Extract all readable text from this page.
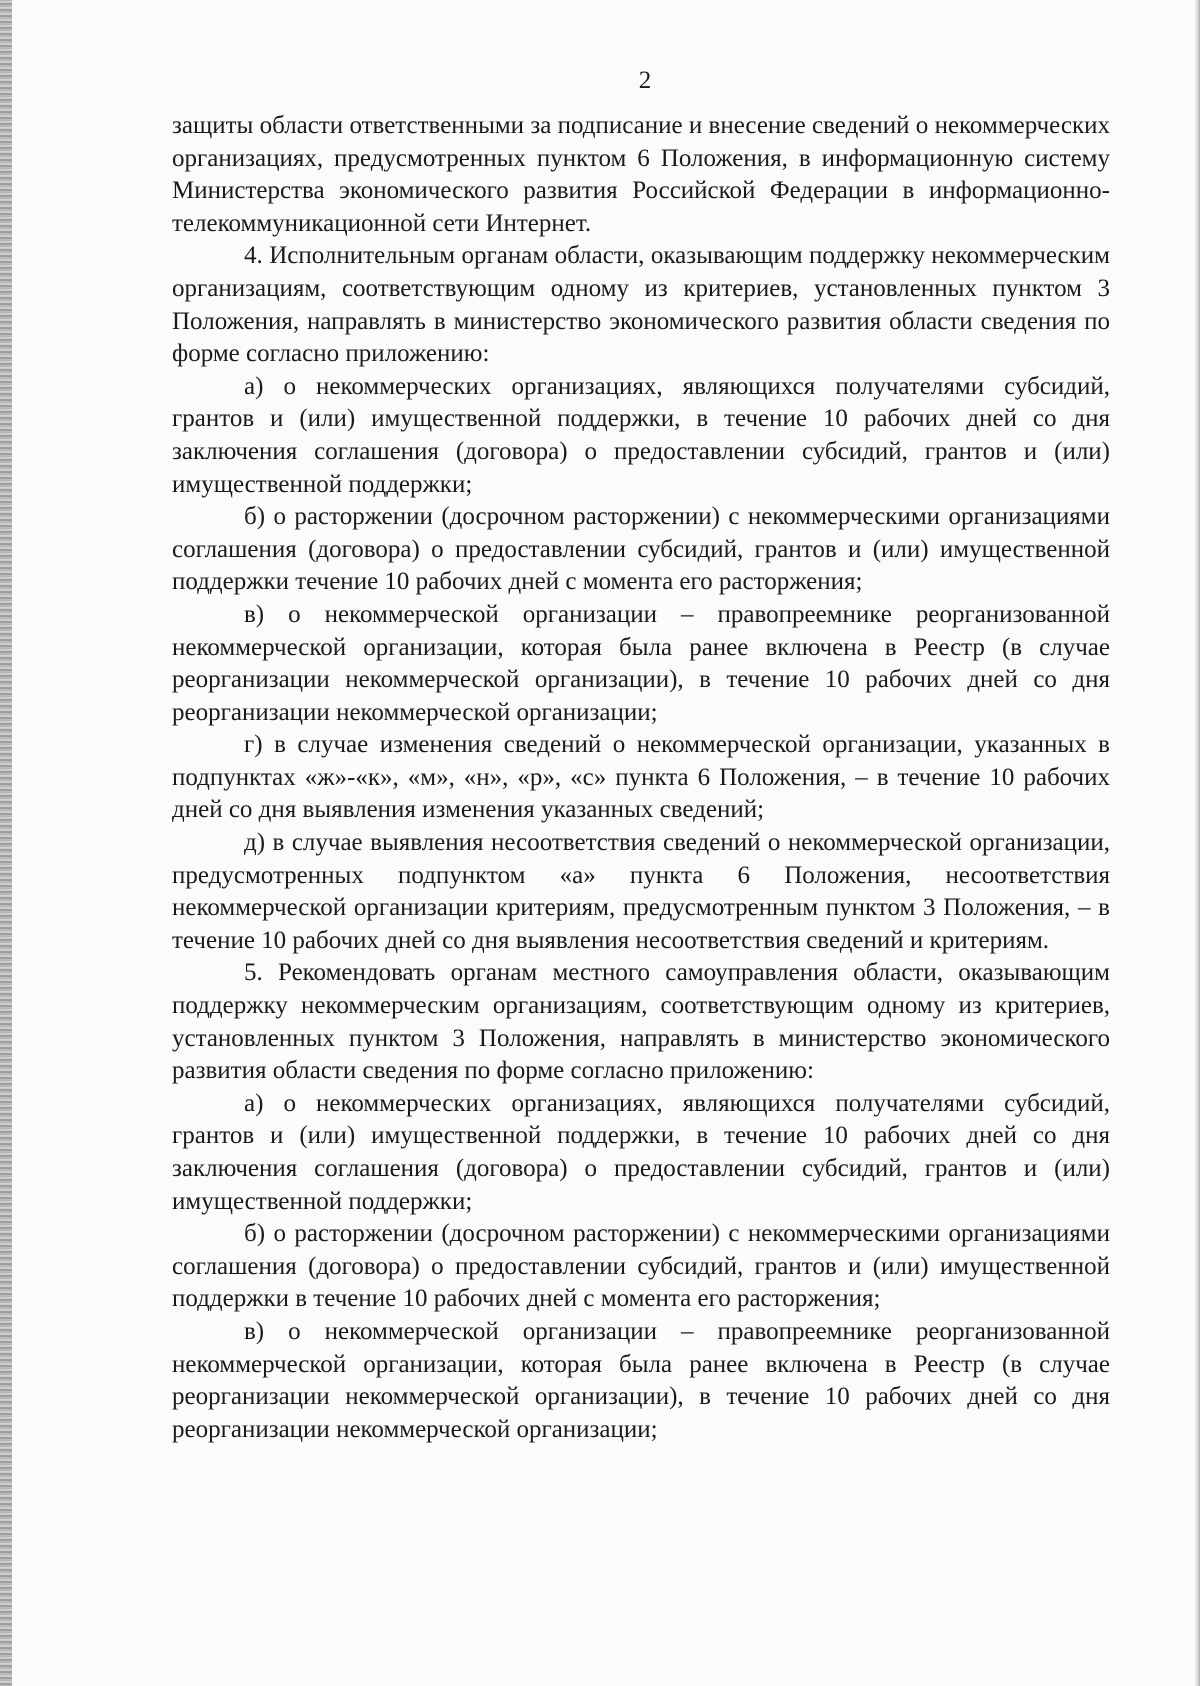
2

защиты области ответственными за подписание и внесение сведений о некоммерческих организациях, предусмотренных пунктом 6 Положения, в информационную систему Министерства экономического развития Российской Федерации в информационно-телекоммуникационной сети Интернет.

4. Исполнительным органам области, оказывающим поддержку некоммерческим организациям, соответствующим одному из критериев, установленных пунктом 3 Положения, направлять в министерство экономического развития области сведения по форме согласно приложению:

а) о некоммерческих организациях, являющихся получателями субсидий, грантов и (или) имущественной поддержки, в течение 10 рабочих дней со дня заключения соглашения (договора) о предоставлении субсидий, грантов и (или) имущественной поддержки;

б) о расторжении (досрочном расторжении) с некоммерческими организациями соглашения (договора) о предоставлении субсидий, грантов и (или) имущественной поддержки течение 10 рабочих дней с момента его расторжения;

в) о некоммерческой организации – правопреемнике реорганизованной некоммерческой организации, которая была ранее включена в Реестр (в случае реорганизации некоммерческой организации), в течение 10 рабочих дней со дня реорганизации некоммерческой организации;

г) в случае изменения сведений о некоммерческой организации, указанных в подпунктах «ж»-«к», «м», «н», «р», «с» пункта 6 Положения, – в течение 10 рабочих дней со дня выявления изменения указанных сведений;

д) в случае выявления несоответствия сведений о некоммерческой организации, предусмотренных подпунктом «а» пункта 6 Положения, несоответствия некоммерческой организации критериям, предусмотренным пунктом 3 Положения, – в течение 10 рабочих дней со дня выявления несоответствия сведений и критериям.

5. Рекомендовать органам местного самоуправления области, оказывающим поддержку некоммерческим организациям, соответствующим одному из критериев, установленных пунктом 3 Положения, направлять в министерство экономического развития области сведения по форме согласно приложению:

а) о некоммерческих организациях, являющихся получателями субсидий, грантов и (или) имущественной поддержки, в течение 10 рабочих дней со дня заключения соглашения (договора) о предоставлении субсидий, грантов и (или) имущественной поддержки;

б) о расторжении (досрочном расторжении) с некоммерческими организациями соглашения (договора) о предоставлении субсидий, грантов и (или) имущественной поддержки в течение 10 рабочих дней с момента его расторжения;

в) о некоммерческой организации – правопреемнике реорганизованной некоммерческой организации, которая была ранее включена в Реестр (в случае реорганизации некоммерческой организации), в течение 10 рабочих дней со дня реорганизации некоммерческой организации;
